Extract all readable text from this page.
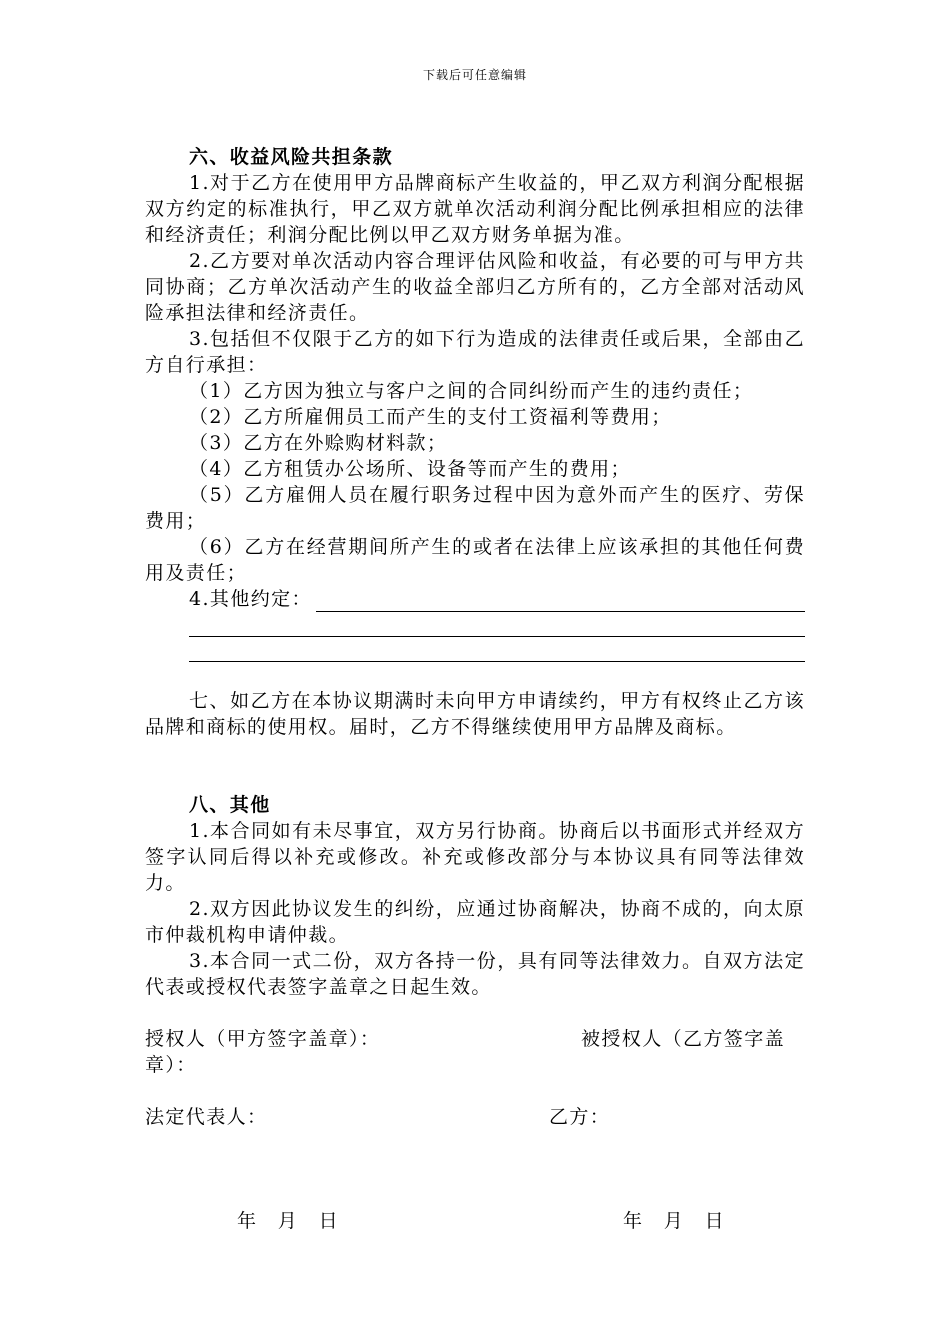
下载后可任意编辑

六、收益风险共担条款

1.对于乙方在使用甲方品牌商标产生收益的，甲乙双方利润分配根据双方约定的标准执行，甲乙双方就单次活动利润分配比例承担相应的法律和经济责任；利润分配比例以甲乙双方财务单据为准。

2.乙方要对单次活动内容合理评估风险和收益，有必要的可与甲方共同协商；乙方单次活动产生的收益全部归乙方所有的，乙方全部对活动风险承担法律和经济责任。

3.包括但不仅限于乙方的如下行为造成的法律责任或后果，全部由乙方自行承担：

（1）乙方因为独立与客户之间的合同纠纷而产生的违约责任；

（2）乙方所雇佣员工而产生的支付工资福利等费用；

（3）乙方在外赊购材料款；

（4）乙方租赁办公场所、设备等而产生的费用；

（5）乙方雇佣人员在履行职务过程中因为意外而产生的医疗、劳保费用；

（6）乙方在经营期间所产生的或者在法律上应该承担的其他任何费用及责任；

4.其他约定：

七、如乙方在本协议期满时未向甲方申请续约，甲方有权终止乙方该品牌和商标的使用权。届时，乙方不得继续使用甲方品牌及商标。

八、其他

1.本合同如有未尽事宜，双方另行协商。协商后以书面形式并经双方签字认同后得以补充或修改。补充或修改部分与本协议具有同等法律效力。

2.双方因此协议发生的纠纷，应通过协商解决，协商不成的，向太原市仲裁机构申请仲裁。

3.本合同一式二份，双方各持一份，具有同等法律效力。自双方法定代表或授权代表签字盖章之日起生效。

授权人（甲方签字盖章）：	被授权人（乙方签字盖
章）：
法定代表人：	乙方：
年　月　日	年　月　日
